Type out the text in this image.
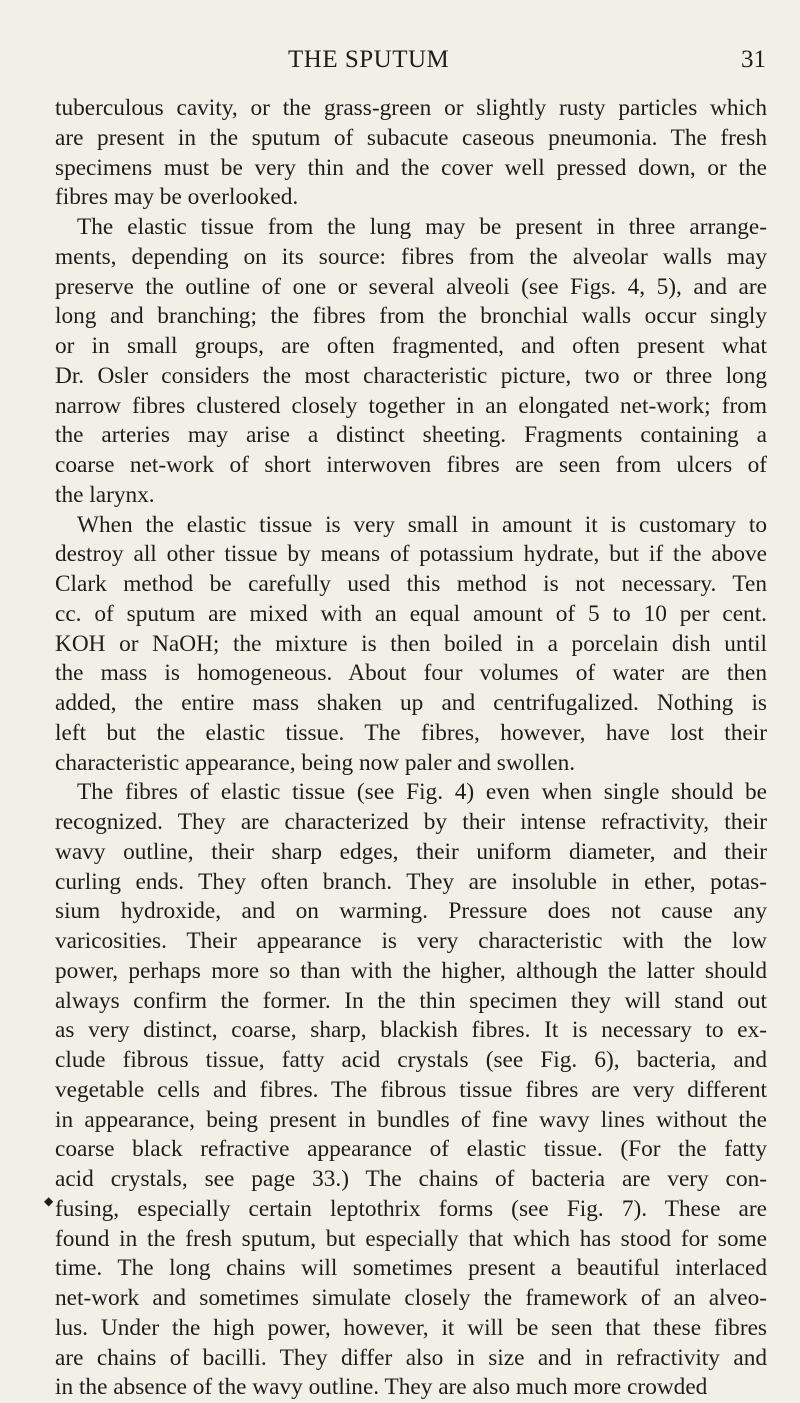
THE SPUTUM	31
tuberculous cavity, or the grass-green or slightly rusty particles which
are present in the sputum of subacute caseous pneumonia. The fresh
specimens must be very thin and the cover well pressed down, or the
fibres may be overlooked.
The elastic tissue from the lung may be present in three arrange-
ments, depending on its source: fibres from the alveolar walls may
preserve the outline of one or several alveoli (see Figs. 4, 5), and are
long and branching; the fibres from the bronchial walls occur singly
or in small groups, are often fragmented, and often present what
Dr. Osler considers the most characteristic picture, two or three long
narrow fibres clustered closely together in an elongated net-work; from
the arteries may arise a distinct sheeting. Fragments containing a
coarse net-work of short interwoven fibres are seen from ulcers of
the larynx.
When the elastic tissue is very small in amount it is customary to
destroy all other tissue by means of potassium hydrate, but if the above
Clark method be carefully used this method is not necessary. Ten
cc. of sputum are mixed with an equal amount of 5 to 10 per cent.
KOH or NaOH; the mixture is then boiled in a porcelain dish until
the mass is homogeneous. About four volumes of water are then
added, the entire mass shaken up and centrifugalized. Nothing is
left but the elastic tissue. The fibres, however, have lost their
characteristic appearance, being now paler and swollen.
The fibres of elastic tissue (see Fig. 4) even when single should be
recognized. They are characterized by their intense refractivity, their
wavy outline, their sharp edges, their uniform diameter, and their
curling ends. They often branch. They are insoluble in ether, potas-
sium hydroxide, and on warming. Pressure does not cause any
varicosities. Their appearance is very characteristic with the low
power, perhaps more so than with the higher, although the latter should
always confirm the former. In the thin specimen they will stand out
as very distinct, coarse, sharp, blackish fibres. It is necessary to ex-
clude fibrous tissue, fatty acid crystals (see Fig. 6), bacteria, and
vegetable cells and fibres. The fibrous tissue fibres are very different
in appearance, being present in bundles of fine wavy lines without the
coarse black refractive appearance of elastic tissue. (For the fatty
acid crystals, see page 33.) The chains of bacteria are very con-
fusing, especially certain leptothrix forms (see Fig. 7). These are
found in the fresh sputum, but especially that which has stood for some
time. The long chains will sometimes present a beautiful interlaced
net-work and sometimes simulate closely the framework of an alveo-
lus. Under the high power, however, it will be seen that these fibres
are chains of bacilli. They differ also in size and in refractivity and
in the absence of the wavy outline. They are also much more crowded
◆
